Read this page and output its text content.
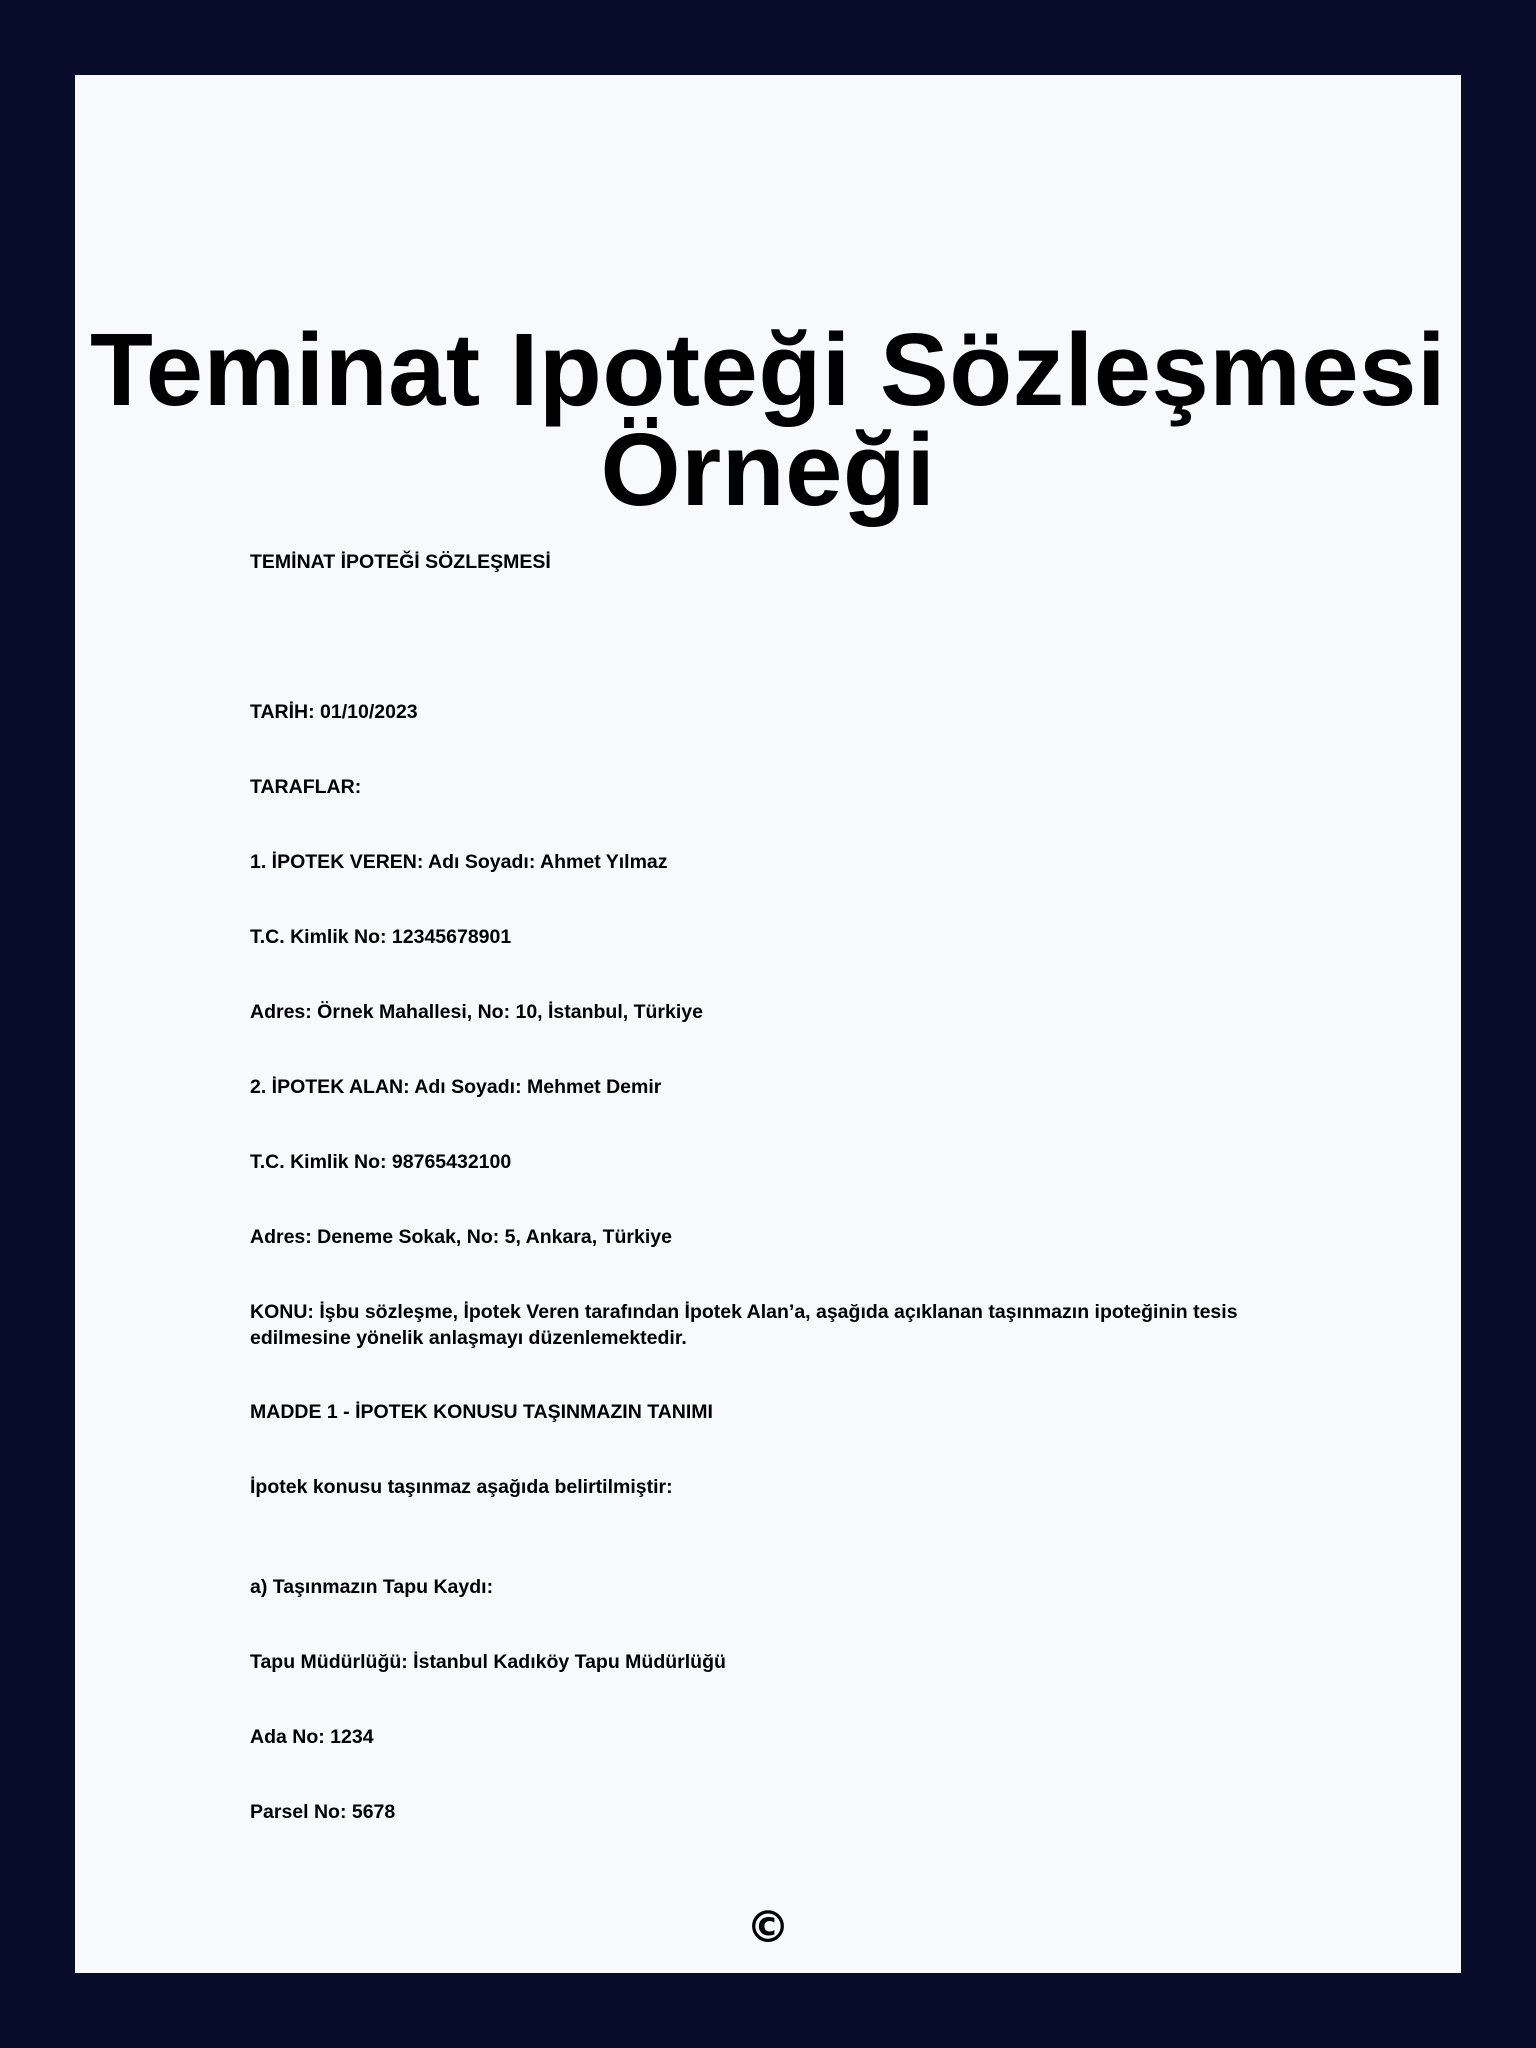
Teminat Ipoteği Sözleşmesi Örneği

TEMİNAT İPOTEĞİ SÖZLEŞMESİ

TARİH: 01/10/2023

TARAFLAR:

1. İPOTEK VEREN: Adı Soyadı: Ahmet Yılmaz

T.C. Kimlik No: 12345678901

Adres: Örnek Mahallesi, No: 10, İstanbul, Türkiye

2. İPOTEK ALAN: Adı Soyadı: Mehmet Demir

T.C. Kimlik No: 98765432100

Adres: Deneme Sokak, No: 5, Ankara, Türkiye

KONU: İşbu sözleşme, İpotek Veren tarafından İpotek Alan’a, aşağıda açıklanan taşınmazın ipoteğinin tesis edilmesine yönelik anlaşmayı düzenlemektedir.

MADDE 1 - İPOTEK KONUSU TAŞINMAZIN TANIMI

İpotek konusu taşınmaz aşağıda belirtilmiştir:

a) Taşınmazın Tapu Kaydı:

Tapu Müdürlüğü: İstanbul Kadıköy Tapu Müdürlüğü

Ada No: 1234

Parsel No: 5678

©
